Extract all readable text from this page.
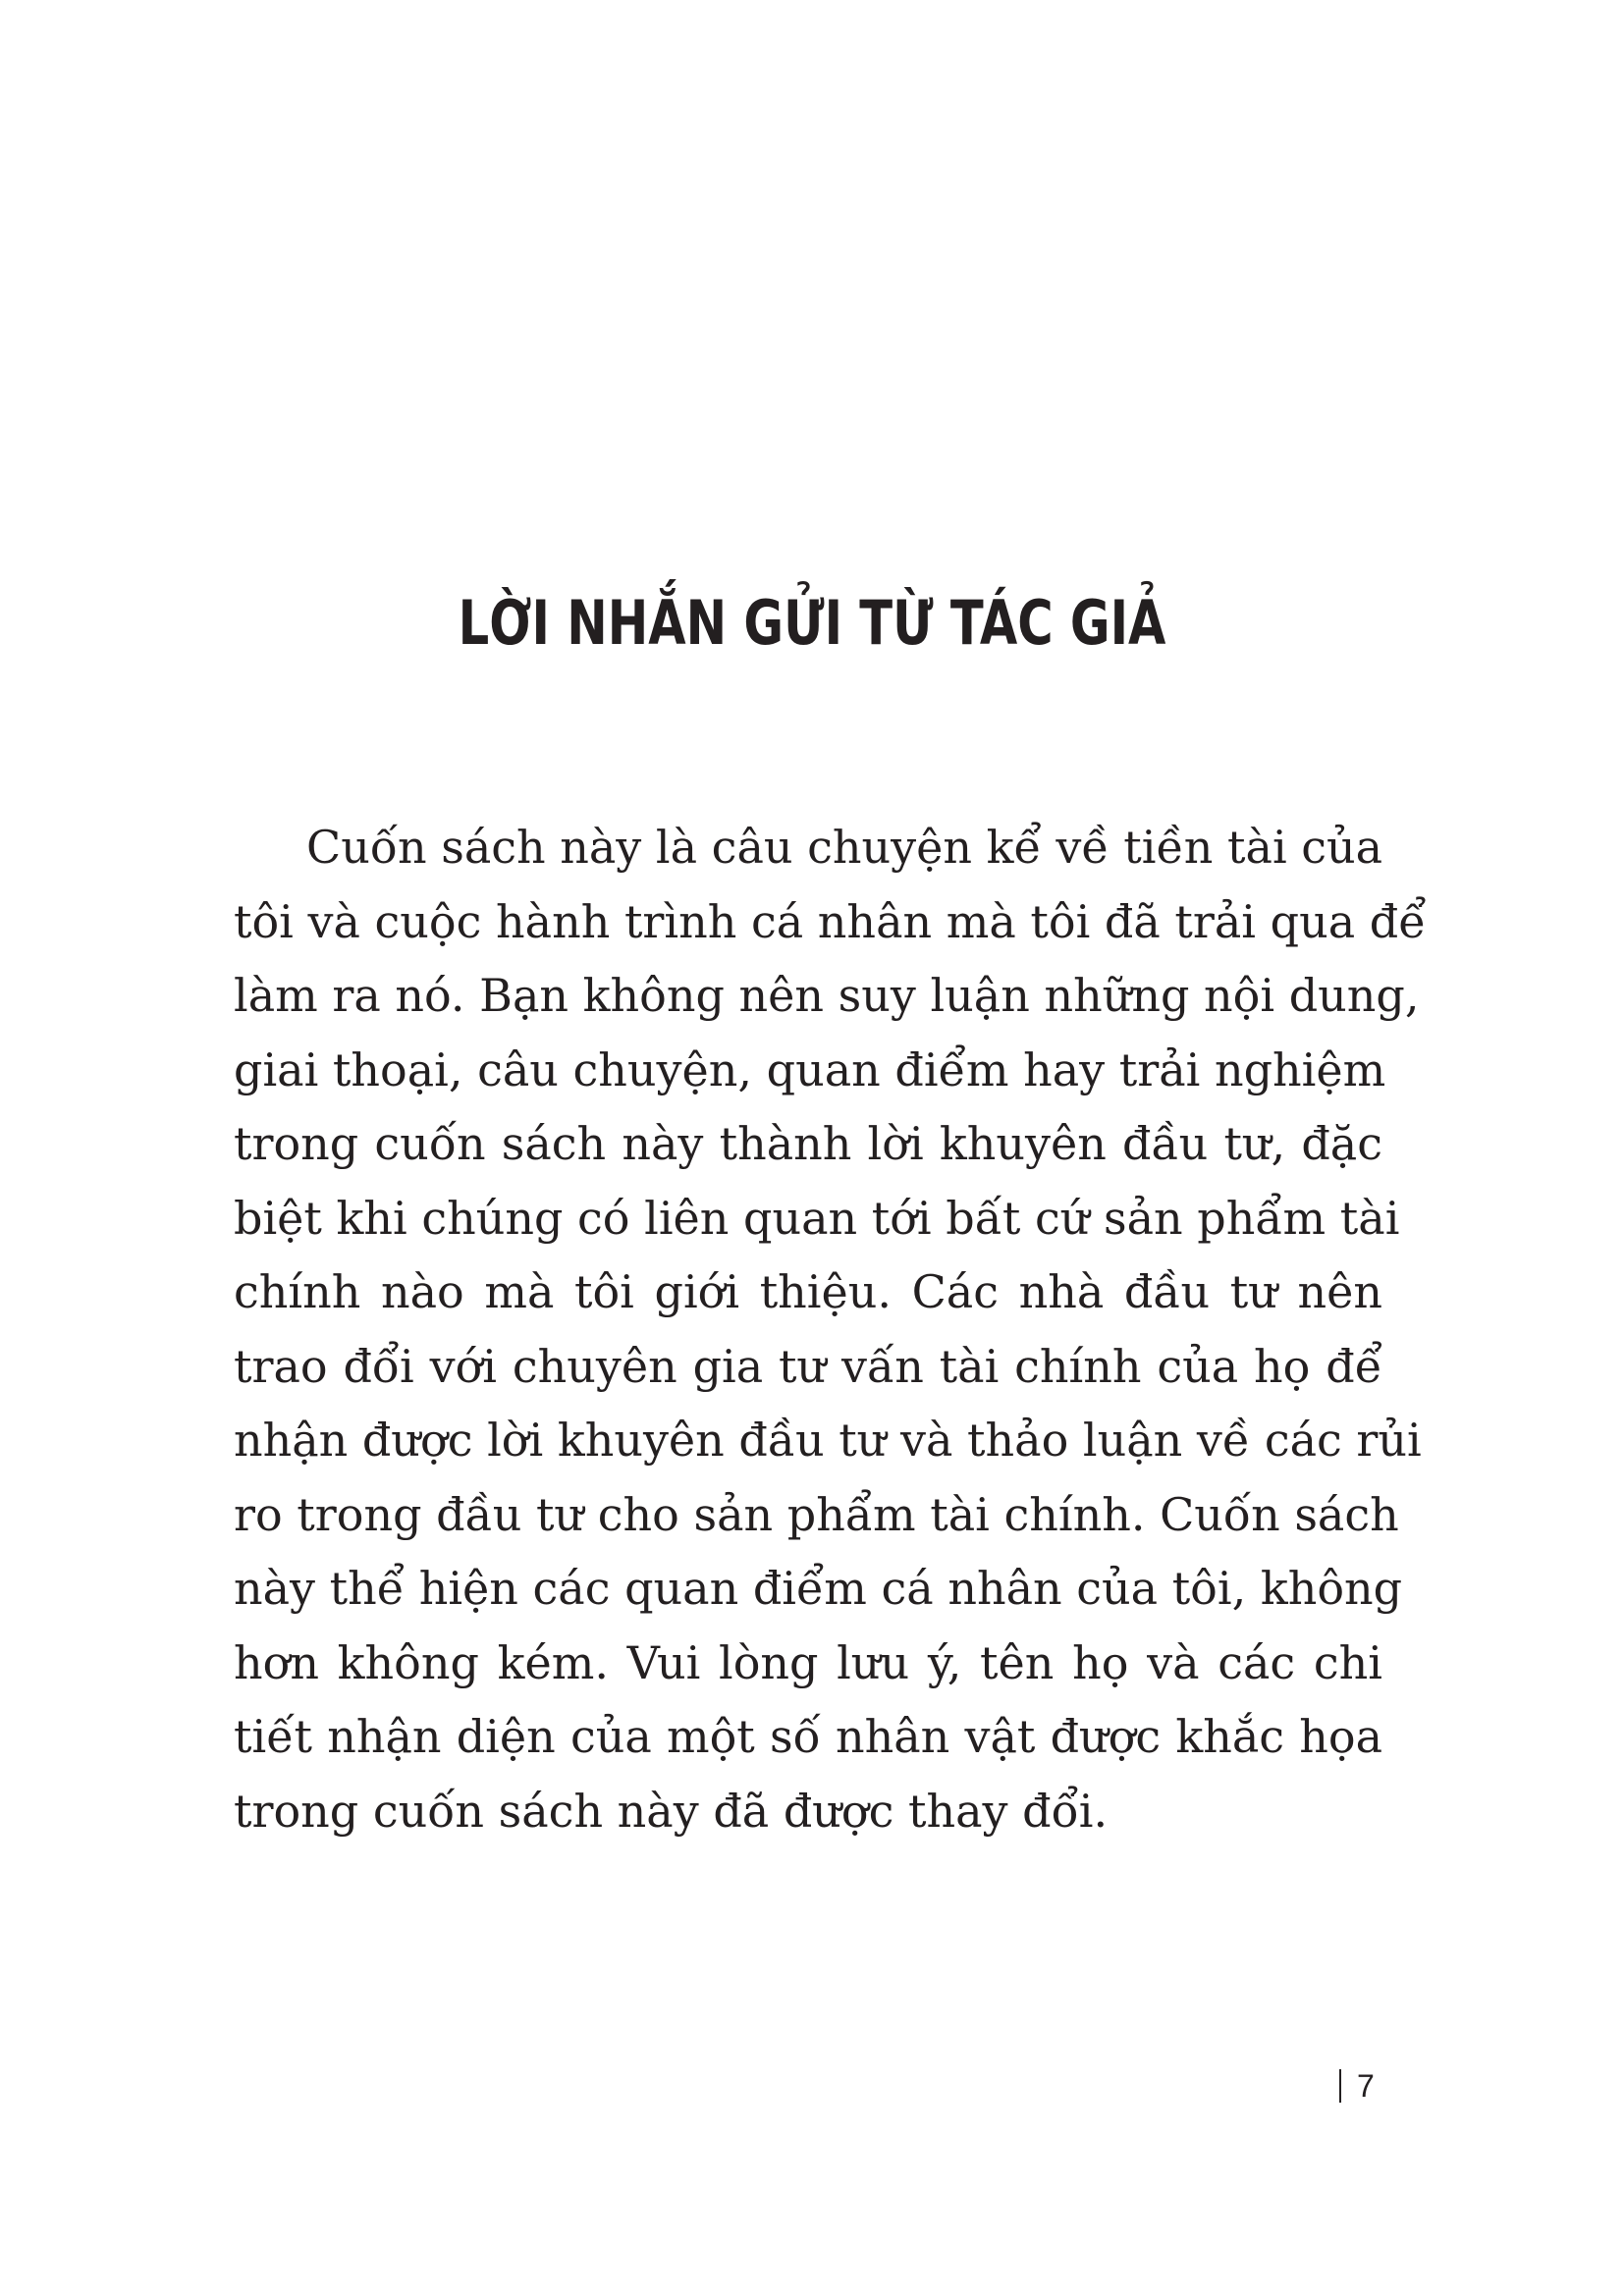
LỜI NHẮN GỬI TỪ TÁC GIẢ
Cuốn sách này là câu chuyện kể về tiền tài của
tôi và cuộc hành trình cá nhân mà tôi đã trải qua để
làm ra nó. Bạn không nên suy luận những nội dung,
giai thoại, câu chuyện, quan điểm hay trải nghiệm
trong cuốn sách này thành lời khuyên đầu tư, đặc
biệt khi chúng có liên quan tới bất cứ sản phẩm tài
chính nào mà tôi giới thiệu. Các nhà đầu tư nên
trao đổi với chuyên gia tư vấn tài chính của họ để
nhận được lời khuyên đầu tư và thảo luận về các rủi
ro trong đầu tư cho sản phẩm tài chính. Cuốn sách
này thể hiện các quan điểm cá nhân của tôi, không
hơn không kém. Vui lòng lưu ý, tên họ và các chi
tiết nhận diện của một số nhân vật được khắc họa
trong cuốn sách này đã được thay đổi.
7
